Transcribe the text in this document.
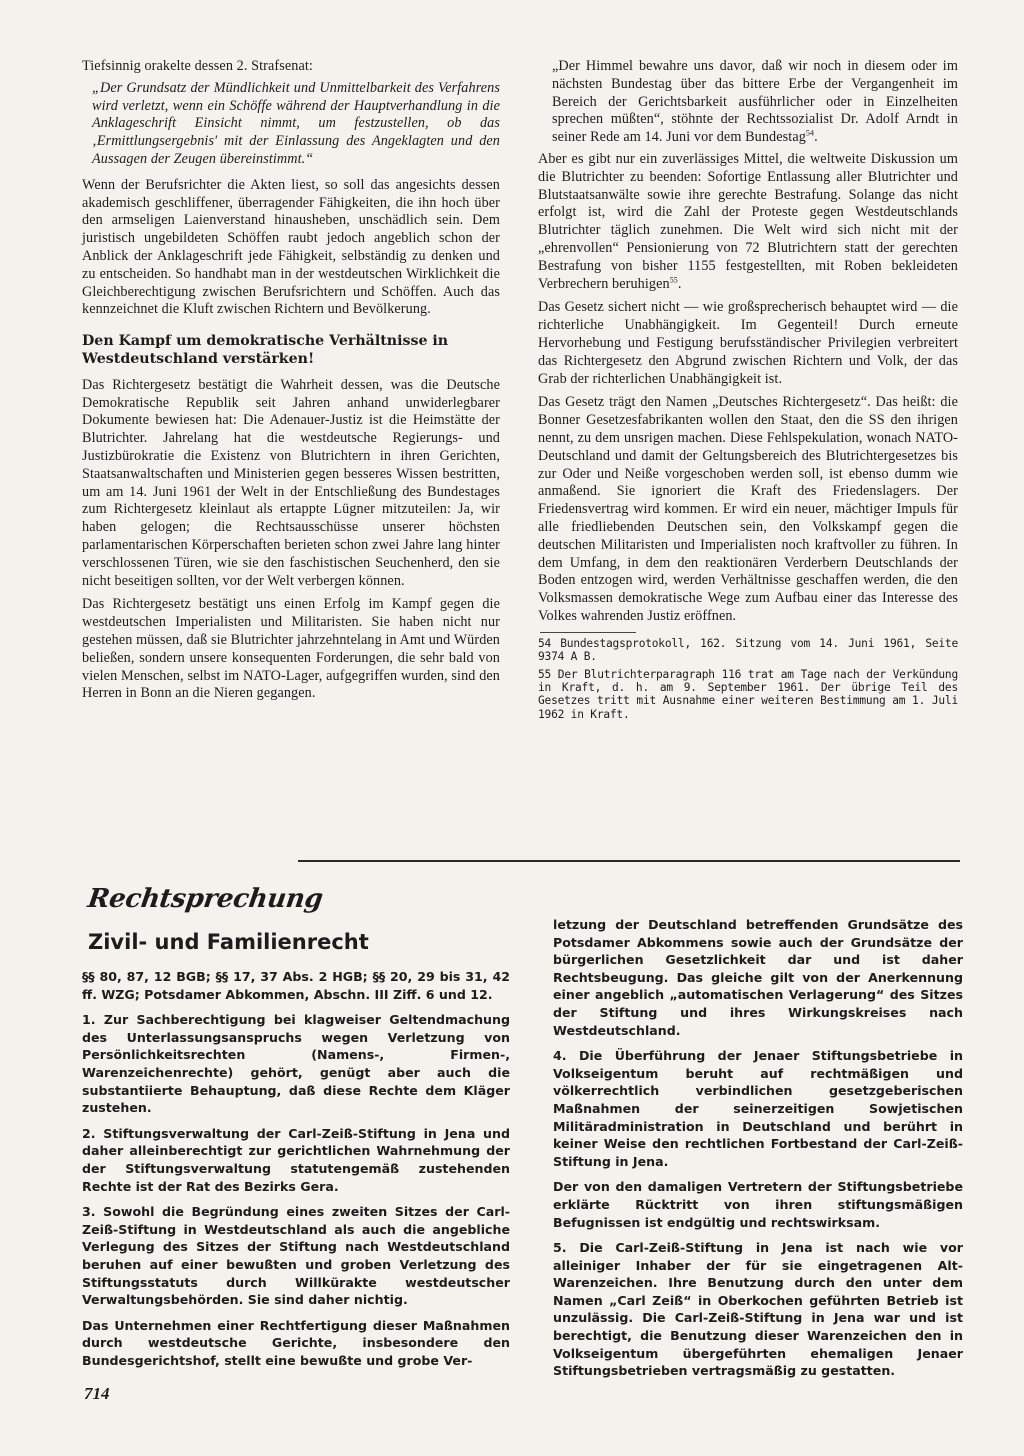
Tiefsinnig orakelte dessen 2. Strafsenat:

„Der Grundsatz der Mündlichkeit und Unmittelbarkeit des Verfahrens wird verletzt, wenn ein Schöffe während der Hauptverhandlung in die Anklageschrift Einsicht nimmt, um festzustellen, ob das ‚Ermittlungsergebnis' mit der Einlassung des Angeklagten und den Aussagen der Zeugen übereinstimmt.“

Wenn der Berufsrichter die Akten liest, so soll das angesichts dessen akademisch geschliffener, überragender Fähigkeiten, die ihn hoch über den armseligen Laienverstand hinausheben, unschädlich sein. Dem juristisch ungebildeten Schöffen raubt jedoch angeblich schon der Anblick der Anklageschrift jede Fähigkeit, selbständig zu denken und zu entscheiden. So handhabt man in der westdeutschen Wirklichkeit die Gleichberechtigung zwischen Berufsrichtern und Schöffen. Auch das kennzeichnet die Kluft zwischen Richtern und Bevölkerung.

Den Kampf um demokratische Verhältnisse in Westdeutschland verstärken!

Das Richtergesetz bestätigt die Wahrheit dessen, was die Deutsche Demokratische Republik seit Jahren anhand unwiderlegbarer Dokumente bewiesen hat: Die Adenauer-Justiz ist die Heimstätte der Blutrichter. Jahrelang hat die westdeutsche Regierungs- und Justizbürokratie die Existenz von Blutrichtern in ihren Gerichten, Staatsanwaltschaften und Ministerien gegen besseres Wissen bestritten, um am 14. Juni 1961 der Welt in der Entschließung des Bundestages zum Richtergesetz kleinlaut als ertappte Lügner mitzuteilen: Ja, wir haben gelogen; die Rechtsausschüsse unserer höchsten parlamentarischen Körperschaften berieten schon zwei Jahre lang hinter verschlossenen Türen, wie sie den faschistischen Seuchenherd, den sie nicht beseitigen sollten, vor der Welt verbergen können.

Das Richtergesetz bestätigt uns einen Erfolg im Kampf gegen die westdeutschen Imperialisten und Militaristen. Sie haben nicht nur gestehen müssen, daß sie Blutrichter jahrzehntelang in Amt und Würden beließen, sondern unsere konsequenten Forderungen, die sehr bald von vielen Menschen, selbst im NATO-Lager, aufgegriffen wurden, sind den Herren in Bonn an die Nieren gegangen.

„Der Himmel bewahre uns davor, daß wir noch in diesem oder im nächsten Bundestag über das bittere Erbe der Vergangenheit im Bereich der Gerichtsbarkeit ausführlicher oder in Einzelheiten sprechen müßten“, stöhnte der Rechtssozialist Dr. Adolf Arndt in seiner Rede am 14. Juni vor dem Bundestag$^{54}$.

Aber es gibt nur ein zuverlässiges Mittel, die weltweite Diskussion um die Blutrichter zu beenden: Sofortige Entlassung aller Blutrichter und Blutstaatsanwälte sowie ihre gerechte Bestrafung. Solange das nicht erfolgt ist, wird die Zahl der Proteste gegen Westdeutschlands Blutrichter täglich zunehmen. Die Welt wird sich nicht mit der „ehrenvollen“ Pensionierung von 72 Blutrichtern statt der gerechten Bestrafung von bisher 1155 festgestellten, mit Roben bekleideten Verbrechern beruhigen$^{55}$.

Das Gesetz sichert nicht — wie großsprecherisch behauptet wird — die richterliche Unabhängigkeit. Im Gegenteil! Durch erneute Hervorhebung und Festigung berufsständischer Privilegien verbreitert das Richtergesetz den Abgrund zwischen Richtern und Volk, der das Grab der richterlichen Unabhängigkeit ist.

Das Gesetz trägt den Namen „Deutsches Richtergesetz“. Das heißt: die Bonner Gesetzesfabrikanten wollen den Staat, den die SS den ihrigen nennt, zu dem unsrigen machen. Diese Fehlspekulation, wonach NATO-Deutschland und damit der Geltungsbereich des Blutrichtergesetzes bis zur Oder und Neiße vorgeschoben werden soll, ist ebenso dumm wie anmaßend. Sie ignoriert die Kraft des Friedenslagers. Der Friedensvertrag wird kommen. Er wird ein neuer, mächtiger Impuls für alle friedliebenden Deutschen sein, den Volkskampf gegen die deutschen Militaristen und Imperialisten noch kraftvoller zu führen. In dem Umfang, in dem den reaktionären Verderbern Deutschlands der Boden entzogen wird, werden Verhältnisse geschaffen werden, die den Volksmassen demokratische Wege zum Aufbau einer das Interesse des Volkes wahrenden Justiz eröffnen.

54 Bundestagsprotokoll, 162. Sitzung vom 14. Juni 1961, Seite 9374 A B.

55 Der Blutrichterparagraph 116 trat am Tage nach der Verkündung in Kraft, d. h. am 9. September 1961. Der übrige Teil des Gesetzes tritt mit Ausnahme einer weiteren Bestimmung am 1. Juli 1962 in Kraft.

Rechtsprechung
Zivil- und Familienrecht

§§ 80, 87, 12 BGB; §§ 17, 37 Abs. 2 HGB; §§ 20, 29 bis 31, 42 ff. WZG; Potsdamer Abkommen, Abschn. III Ziff. 6 und 12.

1. Zur Sachberechtigung bei klagweiser Geltendmachung des Unterlassungsanspruchs wegen Verletzung von Persönlichkeitsrechten (Namens-, Firmen-, Warenzeichenrechte) gehört, genügt aber auch die substantiierte Behauptung, daß diese Rechte dem Kläger zustehen.

2. Stiftungsverwaltung der Carl-Zeiß-Stiftung in Jena und daher alleinberechtigt zur gerichtlichen Wahrnehmung der der Stiftungsverwaltung statutengemäß zustehenden Rechte ist der Rat des Bezirks Gera.

3. Sowohl die Begründung eines zweiten Sitzes der Carl-Zeiß-Stiftung in Westdeutschland als auch die angebliche Verlegung des Sitzes der Stiftung nach Westdeutschland beruhen auf einer bewußten und groben Verletzung des Stiftungsstatuts durch Willkürakte westdeutscher Verwaltungsbehörden. Sie sind daher nichtig.

Das Unternehmen einer Rechtfertigung dieser Maßnahmen durch westdeutsche Gerichte, insbesondere den Bundesgerichtshof, stellt eine bewußte und grobe Ver-

letzung der Deutschland betreffenden Grundsätze des Potsdamer Abkommens sowie auch der Grundsätze der bürgerlichen Gesetzlichkeit dar und ist daher Rechtsbeugung. Das gleiche gilt von der Anerkennung einer angeblich „automatischen Verlagerung“ des Sitzes der Stiftung und ihres Wirkungskreises nach Westdeutschland.

4. Die Überführung der Jenaer Stiftungsbetriebe in Volkseigentum beruht auf rechtmäßigen und völkerrechtlich verbindlichen gesetzgeberischen Maßnahmen der seinerzeitigen Sowjetischen Militäradministration in Deutschland und berührt in keiner Weise den rechtlichen Fortbestand der Carl-Zeiß-Stiftung in Jena.

Der von den damaligen Vertretern der Stiftungsbetriebe erklärte Rücktritt von ihren stiftungsmäßigen Befugnissen ist endgültig und rechtswirksam.

5. Die Carl-Zeiß-Stiftung in Jena ist nach wie vor alleiniger Inhaber der für sie eingetragenen Alt-Warenzeichen. Ihre Benutzung durch den unter dem Namen „Carl Zeiß“ in Oberkochen geführten Betrieb ist unzulässig. Die Carl-Zeiß-Stiftung in Jena war und ist berechtigt, die Benutzung dieser Warenzeichen den in Volkseigentum übergeführten ehemaligen Jenaer Stiftungsbetrieben vertragsmäßig zu gestatten.

714
